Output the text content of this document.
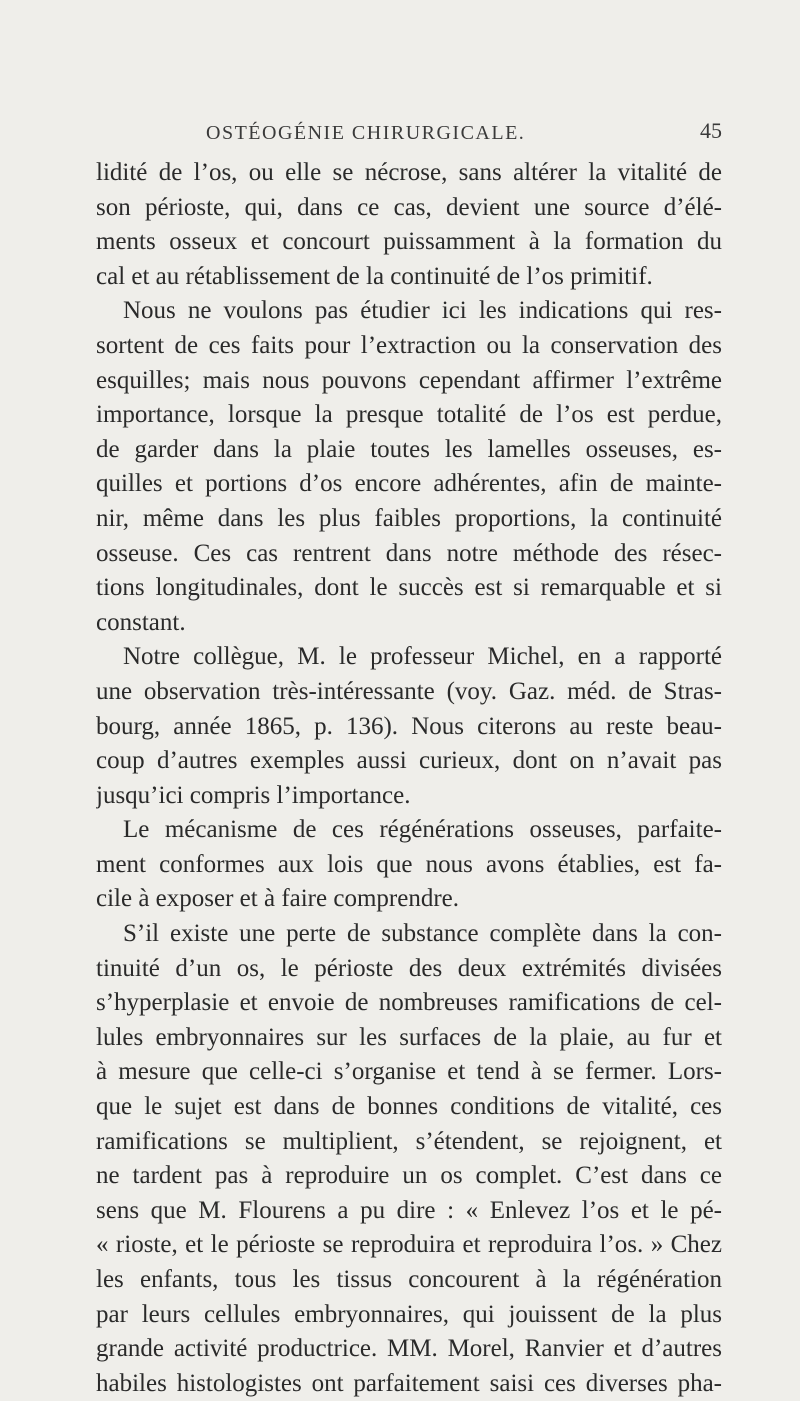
OSTÉOGÉNIE CHIRURGICALE.	45
lidité de l’os, ou elle se nécrose, sans altérer la vitalité de
son périoste, qui, dans ce cas, devient une source d’élé-
ments osseux et concourt puissamment à la formation du
cal et au rétablissement de la continuité de l’os primitif.
Nous ne voulons pas étudier ici les indications qui res-
sortent de ces faits pour l’extraction ou la conservation des
esquilles; mais nous pouvons cependant affirmer l’extrême
importance, lorsque la presque totalité de l’os est perdue,
de garder dans la plaie toutes les lamelles osseuses, es-
quilles et portions d’os encore adhérentes, afin de mainte-
nir, même dans les plus faibles proportions, la continuité
osseuse. Ces cas rentrent dans notre méthode des résec-
tions longitudinales, dont le succès est si remarquable et si
constant.
Notre collègue, M. le professeur Michel, en a rapporté
une observation très-intéressante (voy. Gaz. méd. de Stras-
bourg, année 1865, p. 136). Nous citerons au reste beau-
coup d’autres exemples aussi curieux, dont on n’avait pas
jusqu’ici compris l’importance.
Le mécanisme de ces régénérations osseuses, parfaite-
ment conformes aux lois que nous avons établies, est fa-
cile à exposer et à faire comprendre.
S’il existe une perte de substance complète dans la con-
tinuité d’un os, le périoste des deux extrémités divisées
s’hyperplasie et envoie de nombreuses ramifications de cel-
lules embryonnaires sur les surfaces de la plaie, au fur et
à mesure que celle-ci s’organise et tend à se fermer. Lors-
que le sujet est dans de bonnes conditions de vitalité, ces
ramifications se multiplient, s’étendent, se rejoignent, et
ne tardent pas à reproduire un os complet. C’est dans ce
sens que M. Flourens a pu dire : « Enlevez l’os et le pé-
« rioste, et le périoste se reproduira et reproduira l’os. » Chez
les enfants, tous les tissus concourent à la régénération
par leurs cellules embryonnaires, qui jouissent de la plus
grande activité productrice. MM. Morel, Ranvier et d’autres
habiles histologistes ont parfaitement saisi ces diverses pha-
